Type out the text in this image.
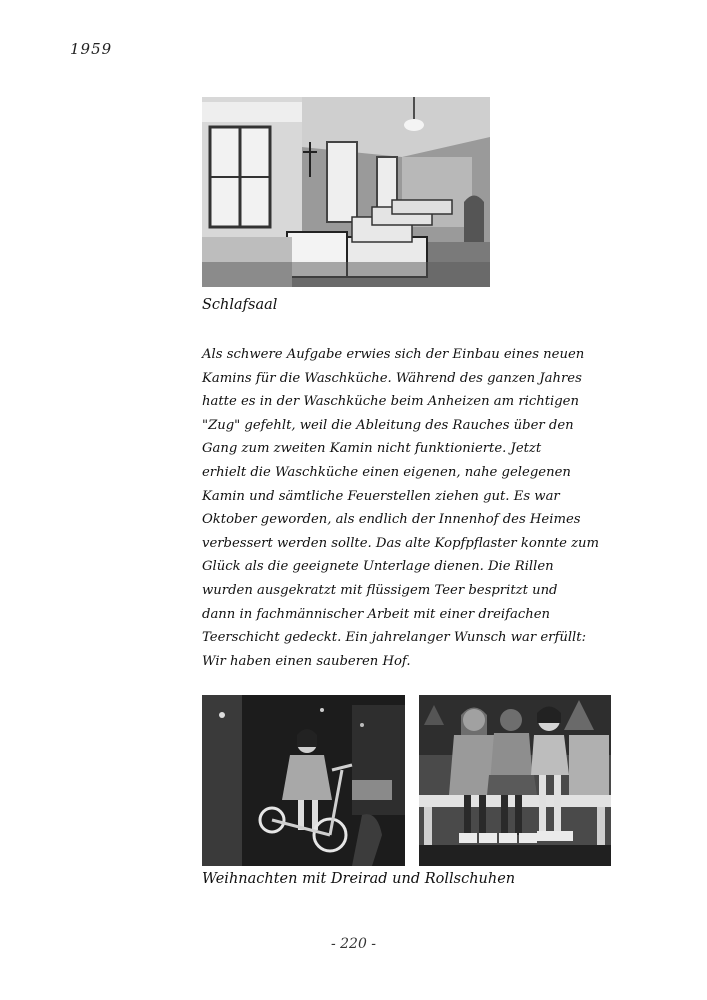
1959
Schlafsaal
Als schwere Aufgabe erwies sich der Einbau eines neuen
Kamins für die Waschküche. Während des ganzen Jahres
hatte es in der Waschküche beim Anheizen am richtigen
"Zug" gefehlt, weil die Ableitung des Rauches über den
Gang zum zweiten Kamin nicht funktionierte. Jetzt
erhielt die Waschküche einen eigenen, nahe gelegenen
Kamin und sämtliche Feuerstellen ziehen gut. Es war
Oktober geworden, als endlich der Innenhof des Heimes
verbessert werden sollte. Das alte Kopfpflaster konnte zum
Glück als die geeignete Unterlage dienen. Die Rillen
wurden ausgekratzt mit flüssigem Teer bespritzt und
dann in fachmännischer Arbeit mit einer dreifachen
Teerschicht gedeckt. Ein jahrelanger Wunsch war erfüllt:
Wir haben einen sauberen Hof.
Weihnachten mit Dreirad und Rollschuhen
- 220 -
